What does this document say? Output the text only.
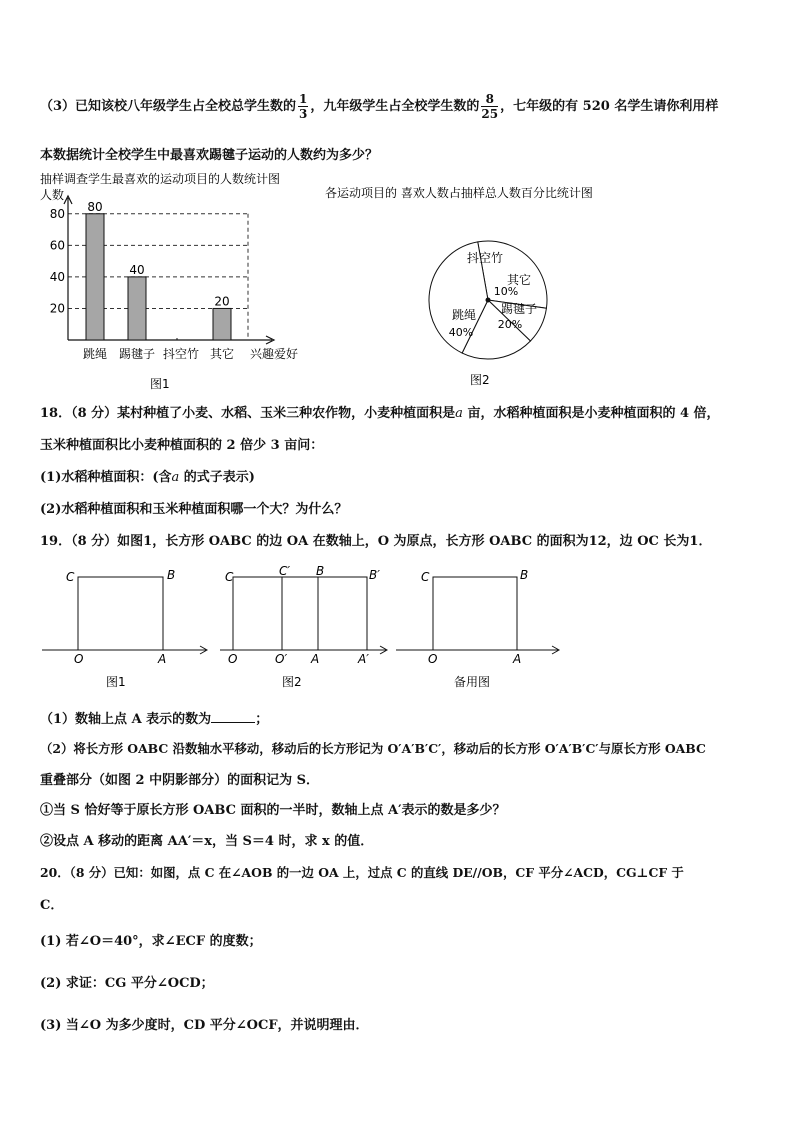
（3）已知该校八年级学生占全校总学生数的 $\frac{1}{3}$ ，九年级学生占全校学生数的 $\frac{8}{25}$ ，七年级的有 520 名学生请你利用样
本数据统计全校学生中最喜欢踢毽子运动的人数约为多少？
抽样调查学生最喜欢的运动项目的人数统计图
人数
20
40
60
80 80
40
20
跳绳 踢毽子 抖空竹 其它 兴趣爱好
图1
各运动项目的 喜欢人数占抽样总人数百分比统计图
抖空竹
其它
10%
踢毽子
20%
跳绳
40%
图2
18．（8 分）某村种植了小麦、水稻、玉米三种农作物，小麦种植面积是a 亩，水稻种植面积是小麦种植面积的 4 倍，
玉米种植面积比小麦种植面积的 2 倍少 3 亩问：
(1)水稻种植面积：(含a 的式子表示)
(2)水稻种植面积和玉米种植面积哪一个大？为什么？
19．（8 分）如图1，长方形 OABC 的边 OA 在数轴上，O 为原点，长方形 OABC 的面积为12，边 OC 长为1．
C	B
O	A
图1
C	C′ B	B′
O	O′ A	A′
图2
C	B
O	A
备用图
（1）数轴上点 A 表示的数为	；
（2）将长方形 OABC 沿数轴水平移动，移动后的长方形记为 O′A′B′C′，移动后的长方形 O′A′B′C′与原长方形 OABC
重叠部分（如图 2 中阴影部分）的面积记为 S．
①当 S 恰好等于原长方形 OABC 面积的一半时，数轴上点 A′表示的数是多少？
②设点 A 移动的距离 AA′＝x，当 S＝4 时，求 x 的值．
20．（8 分）已知：如图，点 C 在∠AOB 的一边 OA 上，过点 C 的直线 DE//OB，CF 平分∠ACD，CG⊥CF 于
C．
(1) 若∠O＝40°，求∠ECF 的度数；
(2) 求证：CG 平分∠OCD；
(3) 当∠O 为多少度时，CD 平分∠OCF，并说明理由．
